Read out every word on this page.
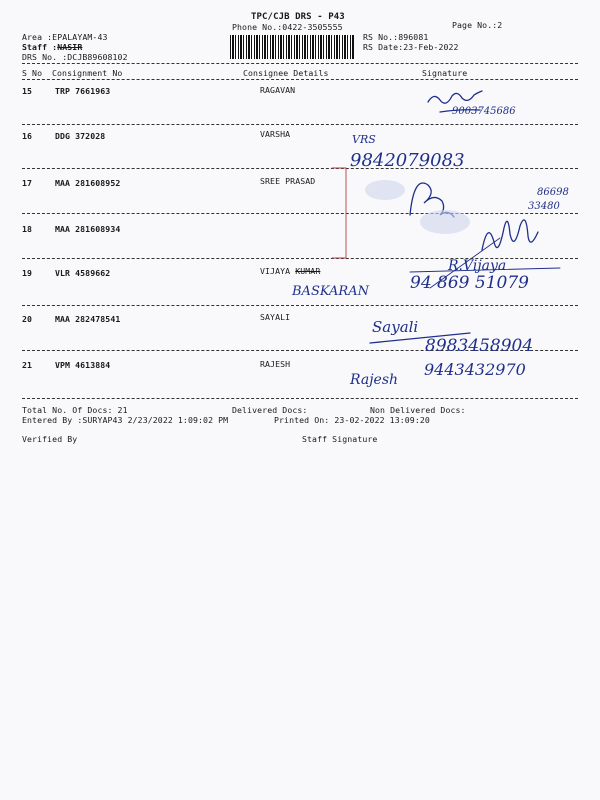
TPC/CJB DRS - P43
Phone No.:0422-3505555	Page No.:2
Area :EPALAYAM-43
Staff :NASIR
DRS No. :DCJB89608102
RS No.:896081
RS Date:23-Feb-2022
S No Consignment No	Consignee Details	Signature
15	TRP 7661963	RAGAVAN
16	DDG 372028	VARSHA
17	MAA 281608952	SREE PRASAD
18	MAA 281608934
19	VLR 4589662	VIJAYA KUMAR
20	MAA 282478541	SAYALI
21	VPM 4613884	RAJESH
Total No. Of Docs: 21	Delivered Docs:	Non Delivered Docs:
Entered By :SURYAP43 2/23/2022 1:09:02 PM	Printed On: 23-02-2022 13:09:20
Verified By	Staff Signature
9003745686
VRS
9842079083
86698
33480
R.Vijaya
94 869 51079
BASKARAN
Sayali
8983458904
Rajesh
9443432970
